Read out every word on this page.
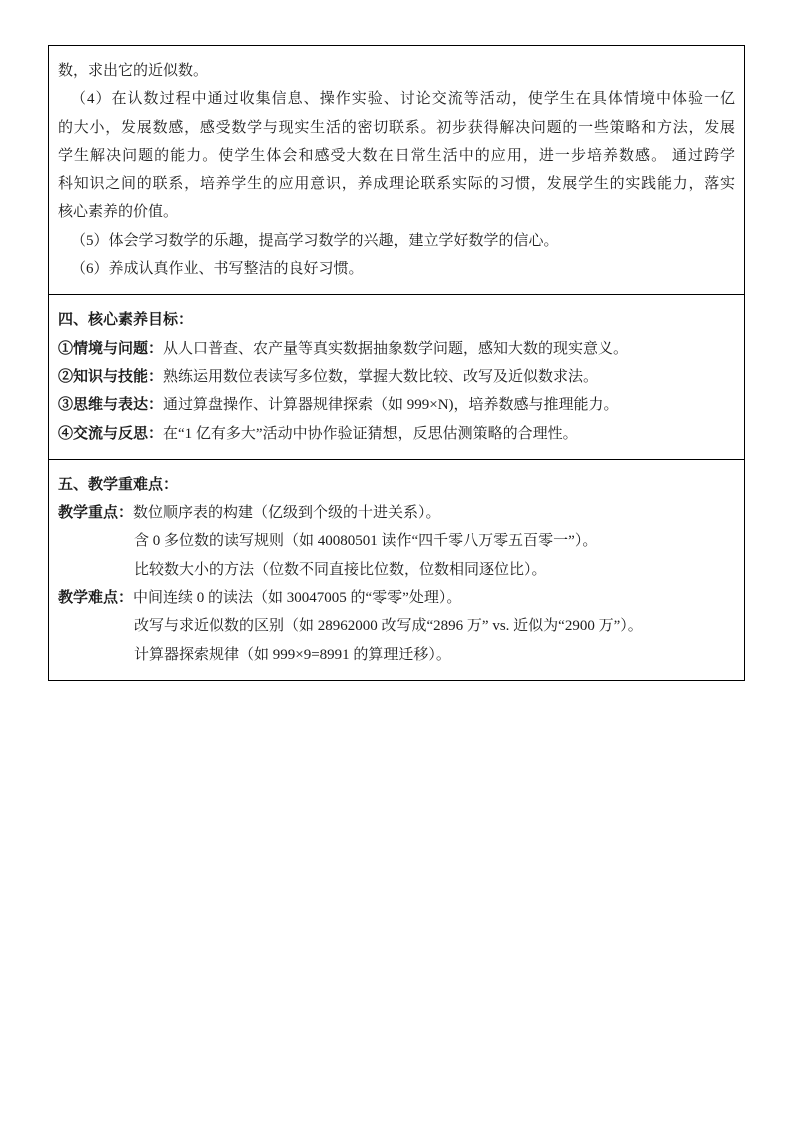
数，求出它的近似数。

（4）在认数过程中通过收集信息、操作实验、讨论交流等活动，使学生在具体情境中体验一亿

的大小，发展数感，感受数学与现实生活的密切联系。初步获得解决问题的一些策略和方法，发展

学生解决问题的能力。使学生体会和感受大数在日常生活中的应用，进一步培养数感。 通过跨学

科知识之间的联系，培养学生的应用意识，养成理论联系实际的习惯，发展学生的实践能力，落实

核心素养的价值。

（5）体会学习数学的乐趣，提高学习数学的兴趣，建立学好数学的信心。

（6）养成认真作业、书写整洁的良好习惯。

四、核心素养目标：

①情境与问题：从人口普查、农产量等真实数据抽象数学问题，感知大数的现实意义。

②知识与技能：熟练运用数位表读写多位数，掌握大数比较、改写及近似数求法。

③思维与表达：通过算盘操作、计算器规律探索（如 999×N)，培养数感与推理能力。

④交流与反思：在“1 亿有多大”活动中协作验证猜想，反思估测策略的合理性。

五、教学重难点：

教学重点：数位顺序表的构建（亿级到个级的十进关系）。

含 0 多位数的读写规则（如 40080501 读作“四千零八万零五百零一”）。

比较数大小的方法（位数不同直接比位数，位数相同逐位比）。

教学难点：中间连续 0 的读法（如 30047005 的“零零”处理）。

改写与求近似数的区别（如 28962000 改写成“2896 万” vs. 近似为“2900 万”）。

计算器探索规律（如 999×9=8991 的算理迁移）。
